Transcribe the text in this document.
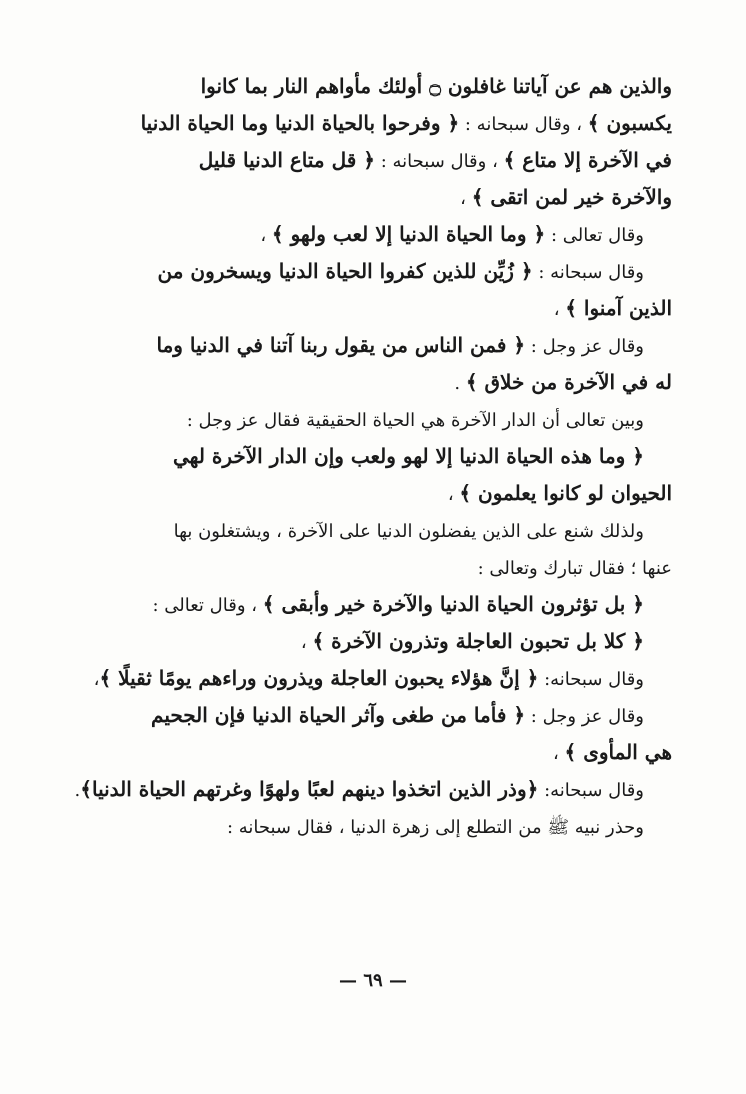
والذين هم عن آياتنا غافلون ۝ أولئك مأواهم النار بما كانوا
يكسبون ﴾ ، وقال سبحانه : ﴿ وفرحوا بالحياة الدنيا وما الحياة الدنيا
في الآخرة إلا متاع ﴾ ، وقال سبحانه : ﴿ قل متاع الدنيا قليل
والآخرة خير لمن اتقى ﴾ ،
وقال تعالى : ﴿ وما الحياة الدنيا إلا لعب ولهو ﴾ ،
وقال سبحانه : ﴿ زُيِّن للذين كفروا الحياة الدنيا ويسخرون من
الذين آمنوا ﴾ ،
وقال عز وجل : ﴿ فمن الناس من يقول ربنا آتنا في الدنيا وما
له في الآخرة من خلاق ﴾ .
وبين تعالى أن الدار الآخرة هي الحياة الحقيقية فقال عز وجل :
﴿ وما هذه الحياة الدنيا إلا لهو ولعب وإن الدار الآخرة لهي
الحيوان لو كانوا يعلمون ﴾ ،
ولذلك شنع على الذين يفضلون الدنيا على الآخرة ، ويشتغلون بها
عنها ؛ فقال تبارك وتعالى :
﴿ بل تؤثرون الحياة الدنيا والآخرة خير وأبقى ﴾ ، وقال تعالى :
﴿ كلا بل تحبون العاجلة وتذرون الآخرة ﴾ ،
وقال سبحانه: ﴿ إنَّ هؤلاء يحبون العاجلة ويذرون وراءهم يومًا ثقيلًا ﴾،
وقال عز وجل : ﴿ فأما من طغى وآثر الحياة الدنيا فإن الجحيم
هي المأوى ﴾ ،
وقال سبحانه: ﴿وذر الذين اتخذوا دينهم لعبًا ولهوًا وغرتهم الحياة الدنيا﴾.
وحذر نبيه ﷺ من التطلع إلى زهرة الدنيا ، فقال سبحانه :
— ٦٩ —
